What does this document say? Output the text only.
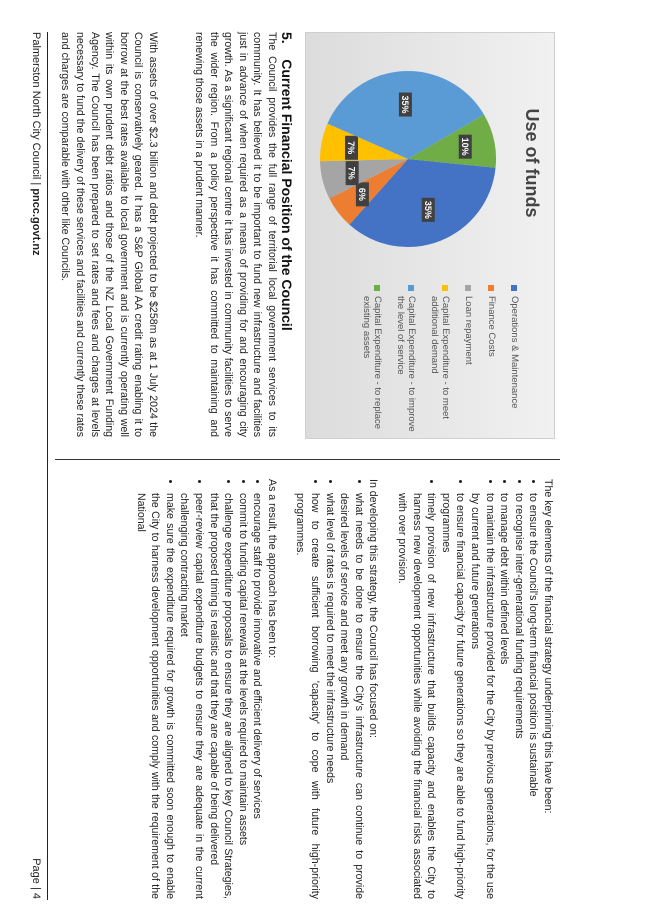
Use of funds
35%
6%
7%
7%
35%
10%
Operations & Maintenance
Finance Costs
Loan repayment
Capital Expenditure - to meet additional demand
Capital Expenditure - to improve the level of service
Capital Expenditure - to replace existing assets
5.    Current Financial Position of the Council

The Council provides the full range of territorial local government services to its community. It has believed it to be important to fund new infrastructure and facilities just in advance of when required as a means of providing for and encouraging city growth. As a significant regional centre it has invested in community facilities to serve the wider region. From a policy perspective it has committed to maintaining and renewing those assets in a prudent manner.

With assets of over $2.3 billion and debt projected to be $258m as at 1 July 2024 the Council is conservatively geared. It has a S&P Global AA credit rating enabling it to borrow at the best rates available to local government and is currently operating well within its own prudent debt ratios and those of the NZ Local Government Funding Agency. The Council has been prepared to set rates and fees and charges at levels necessary to fund the delivery of these services and facilities and currently these rates and charges are comparable with other like Councils.

The key elements of the financial strategy underpinning this have been:

• to ensure the Council's long-term financial position is sustainable
• to recognise inter-generational funding requirements
• to manage debt within defined levels
• to maintain the infrastructure provided for the City by previous generations, for the use by current and future generations
• to ensure financial capacity for future generations so they are able to fund high-priority programmes
• timely provision of new infrastructure that builds capacity and enables the City to harness new development opportunities while avoiding the financial risks associated with over provision.

In developing this strategy, the Council has focused on:

• what needs to be done to ensure the City's infrastructure can continue to provide desired levels of service and meet any growth in demand
• what level of rates is required to meet the infrastructure needs
• how to create sufficient borrowing 'capacity' to cope with future high-priority programmes.

As a result, the approach has been to:

• encourage staff to provide innovative and efficient delivery of services
• commit to funding capital renewals at the levels required to maintain assets
• challenge expenditure proposals to ensure they are aligned to key Council Strategies, that the proposed timing is realistic and that they are capable of being delivered
• peer-review capital expenditure budgets to ensure they are adequate in the current challenging contracting market
• make sure the expenditure required for growth is committed soon enough to enable the City to harness development opportunities and comply with the requirement of the National
Palmerston North City Council | pncc.govt.nz
Page | 4
